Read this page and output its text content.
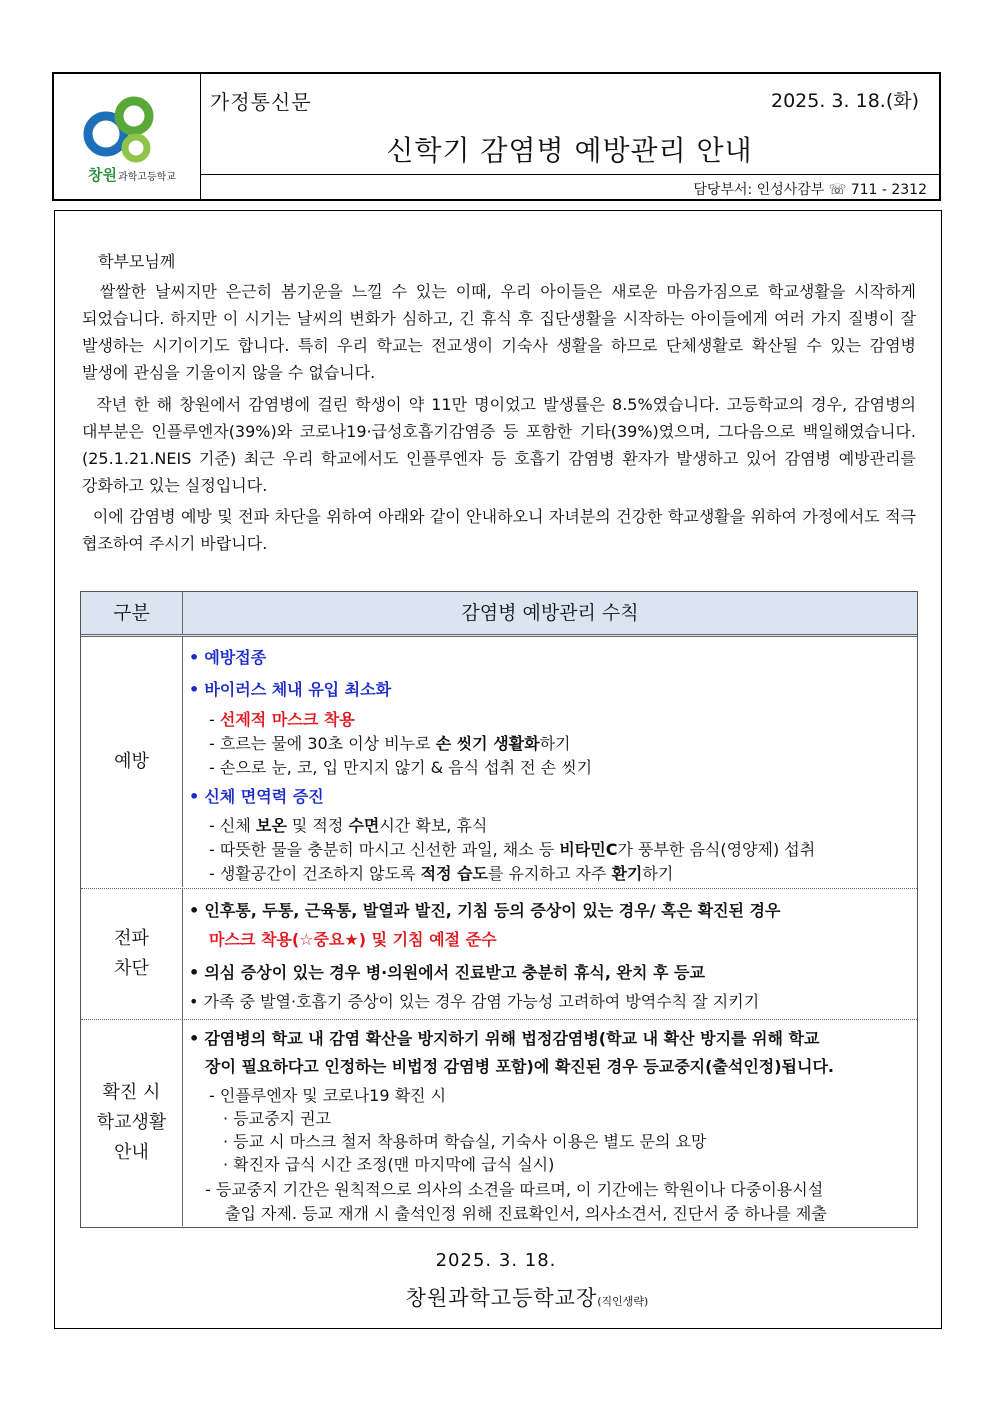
창원과학고등학교
가정통신문	2025. 3. 18.(화)
신학기 감염병 예방관리 안내
담당부서: 인성사감부 ☏ 711 - 2312
학부모님께
쌀쌀한 날씨지만 은근히 봄기운을 느낄 수 있는 이때, 우리 아이들은 새로운 마음가짐으로 학교생활을 시작하게 되었습니다. 하지만 이 시기는 날씨의 변화가 심하고, 긴 휴식 후 집단생활을 시작하는 아이들에게 여러 가지 질병이 잘 발생하는 시기이기도 합니다. 특히 우리 학교는 전교생이 기숙사 생활을 하므로 단체생활로 확산될 수 있는 감염병 발생에 관심을 기울이지 않을 수 없습니다.
작년 한 해 창원에서 감염병에 걸린 학생이 약 11만 명이었고 발생률은 8.5%였습니다. 고등학교의 경우, 감염병의 대부분은 인플루엔자(39%)와 코로나19·급성호흡기감염증 등 포함한 기타(39%)였으며, 그다음으로 백일해였습니다.(25.1.21.NEIS 기준) 최근 우리 학교에서도 인플루엔자 등 호흡기 감염병 환자가 발생하고 있어 감염병 예방관리를 강화하고 있는 실정입니다.
이에 감염병 예방 및 전파 차단을 위하여 아래와 같이 안내하오니 자녀분의 건강한 학교생활을 위하여 가정에서도 적극 협조하여 주시기 바랍니다.
구분	감염병 예방관리 수칙
예방
• 예방접종
• 바이러스 체내 유입 최소화
- 선제적 마스크 착용
- 흐르는 물에 30초 이상 비누로 손 씻기 생활화하기
- 손으로 눈, 코, 입 만지지 않기 & 음식 섭취 전 손 씻기
• 신체 면역력 증진
- 신체 보온 및 적정 수면시간 확보, 휴식
- 따뜻한 물을 충분히 마시고 신선한 과일, 채소 등 비타민C가 풍부한 음식(영양제) 섭취
- 생활공간이 건조하지 않도록 적정 습도를 유지하고 자주 환기하기
전파
차단
• 인후통, 두통, 근육통, 발열과 발진, 기침 등의 증상이 있는 경우/ 혹은 확진된 경우
마스크 착용(☆중요★) 및 기침 예절 준수
• 의심 증상이 있는 경우 병·의원에서 진료받고 충분히 휴식, 완치 후 등교
• 가족 중 발열·호흡기 증상이 있는 경우 감염 가능성 고려하여 방역수칙 잘 지키기
확진 시
학교생활
안내
• 감염병의 학교 내 감염 확산을 방지하기 위해 법정감염병(학교 내 확산 방지를 위해 학교
장이 필요하다고 인정하는 비법정 감염병 포함)에 확진된 경우 등교중지(출석인정)됩니다.
- 인플루엔자 및 코로나19 확진 시
· 등교중지 권고
· 등교 시 마스크 철저 착용하며 학습실, 기숙사 이용은 별도 문의 요망
· 확진자 급식 시간 조정(맨 마지막에 급식 실시)
- 등교중지 기간은 원칙적으로 의사의 소견을 따르며, 이 기간에는 학원이나 다중이용시설
출입 자제. 등교 재개 시 출석인정 위해 진료확인서, 의사소견서, 진단서 중 하나를 제출
2025. 3. 18.
창원과학고등학교장(직인생략)
